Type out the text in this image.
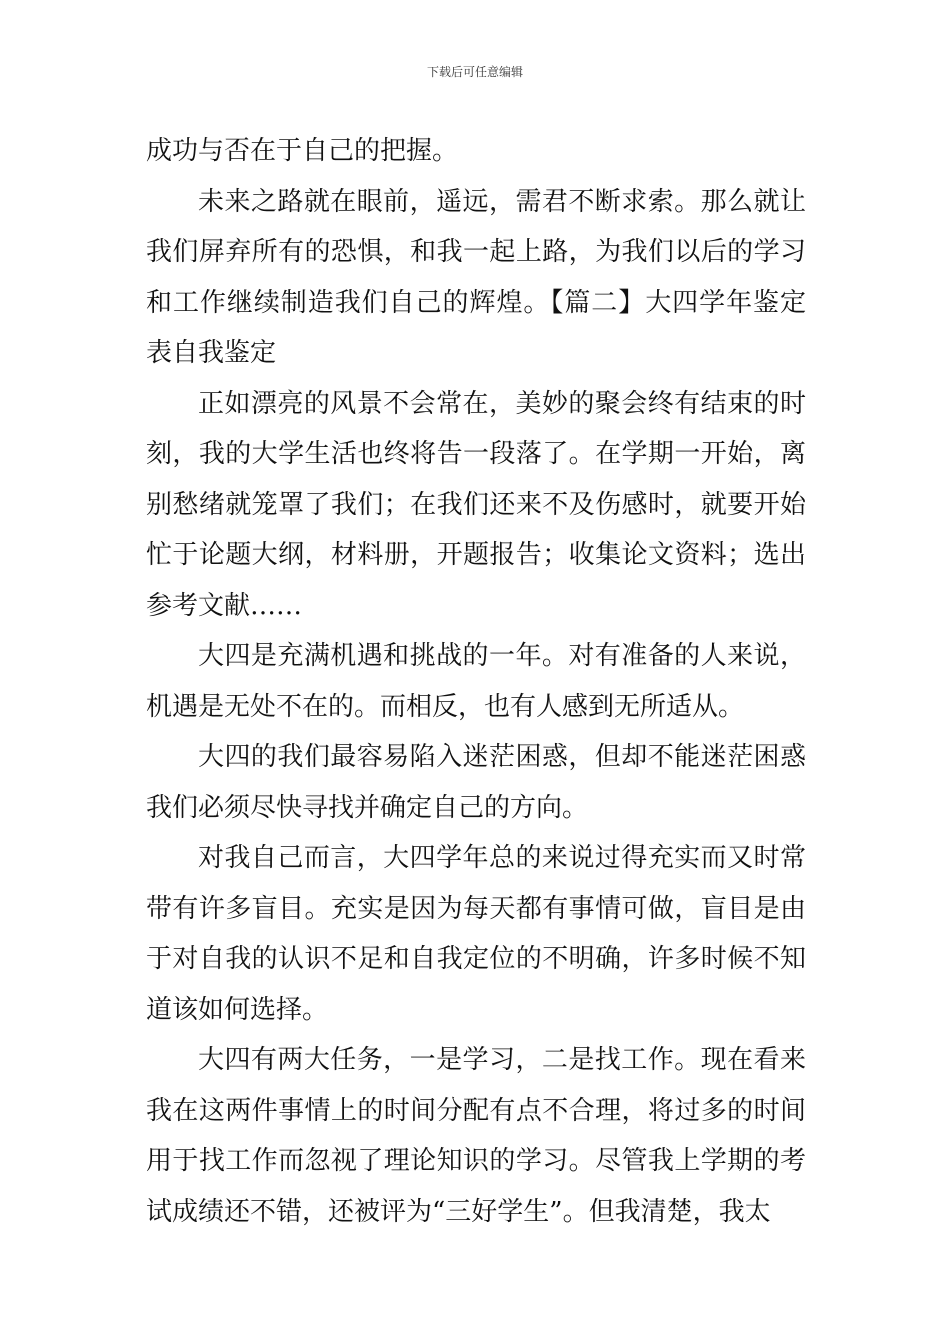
下载后可任意编辑

成功与否在于自己的把握。

未来之路就在眼前，遥远，需君不断求索。那么就让我们屏弃所有的恐惧，和我一起上路，为我们以后的学习和工作继续制造我们自己的辉煌。【篇二】大四学年鉴定表自我鉴定

正如漂亮的风景不会常在，美妙的聚会终有结束的时刻，我的大学生活也终将告一段落了。在学期一开始，离别愁绪就笼罩了我们；在我们还来不及伤感时，就要开始忙于论题大纲，材料册，开题报告；收集论文资料；选出参考文献……

大四是充满机遇和挑战的一年。对有准备的人来说，机遇是无处不在的。而相反，也有人感到无所适从。

大四的我们最容易陷入迷茫困惑，但却不能迷茫困惑我们必须尽快寻找并确定自己的方向。

对我自己而言，大四学年总的来说过得充实而又时常带有许多盲目。充实是因为每天都有事情可做，盲目是由于对自我的认识不足和自我定位的不明确，许多时候不知道该如何选择。

大四有两大任务，一是学习，二是找工作。现在看来我在这两件事情上的时间分配有点不合理，将过多的时间用于找工作而忽视了理论知识的学习。尽管我上学期的考试成绩还不错，还被评为“三好学生”。但我清楚，我太
